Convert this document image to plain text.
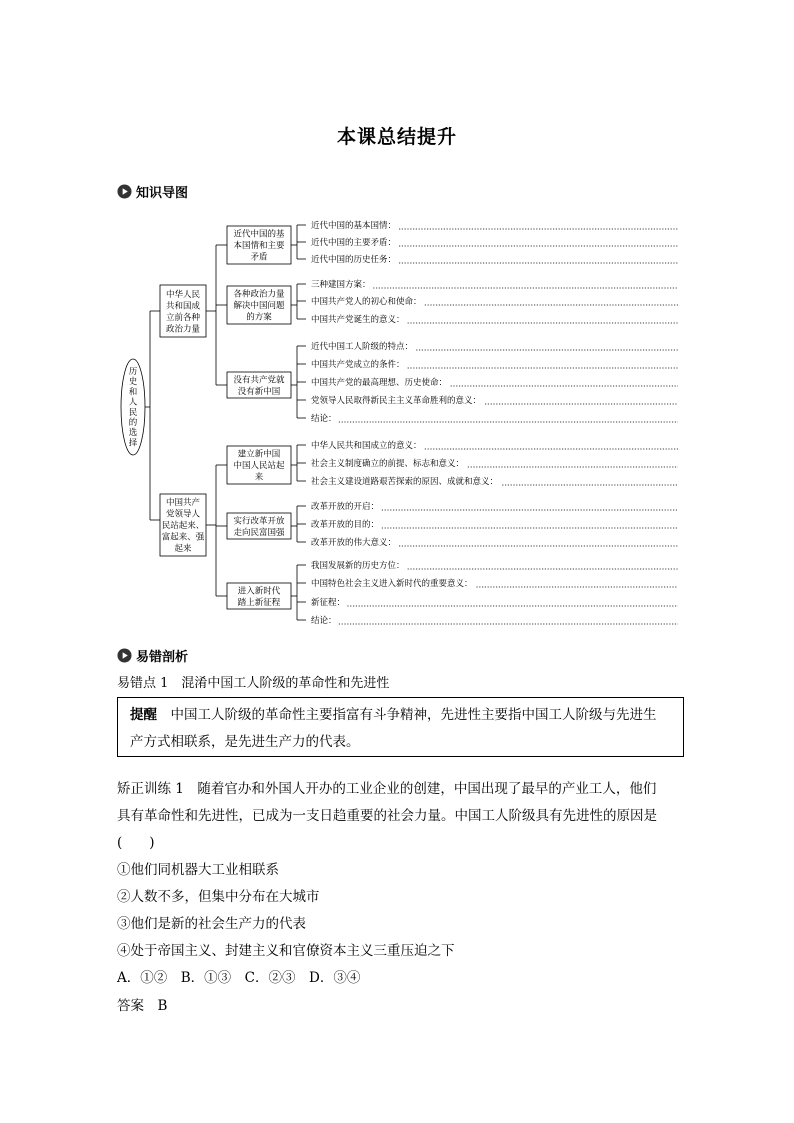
本课总结提升
知识导图
历
史
和
人
民
的
选
择
中华人民
共和国成
立前各种
政治力量
中国共产
党领导人
民站起来、
富起来、强
起来
近代中国的基
本国情和主要
矛盾
近代中国的基本国情：
近代中国的主要矛盾：
近代中国的历史任务：
各种政治力量
解决中国问题
的方案
三种建国方案：
中国共产党人的初心和使命：
中国共产党诞生的意义：
没有共产党就
没有新中国
近代中国工人阶级的特点：
中国共产党成立的条件：
中国共产党的最高理想、历史使命：
党领导人民取得新民主主义革命胜利的意义：
结论：
建立新中国
中国人民站起
来
中华人民共和国成立的意义：
社会主义制度确立的前提、标志和意义：
社会主义建设道路艰苦探索的原因、成就和意义：
实行改革开放
走向民富国强
改革开放的开启：
改革开放的目的：
改革开放的伟大意义：
进入新时代
踏上新征程
我国发展新的历史方位：
中国特色社会主义进入新时代的重要意义：
新征程：
结论：
易错剖析
易错点 1　 混淆中国工人阶级的革命性和先进性
提醒　 中国工人阶级的革命性主要指富有斗争精神，先进性主要指中国工人阶级与先进生
产方式相联系，是先进生产力的代表。
矫正训练 1　 随着官办和外国人开办的工业企业的创建，中国出现了最早的产业工人，他们
具有革命性和先进性，已成为一支日趋重要的社会力量。中国工人阶级具有先进性的原因是
(　　)
①他们同机器大工业相联系
②人数不多，但集中分布在大城市
③他们是新的社会生产力的代表
④处于帝国主义、封建主义和官僚资本主义三重压迫之下
A．①②　B．①③　C．②③　D．③④
答案　 B
